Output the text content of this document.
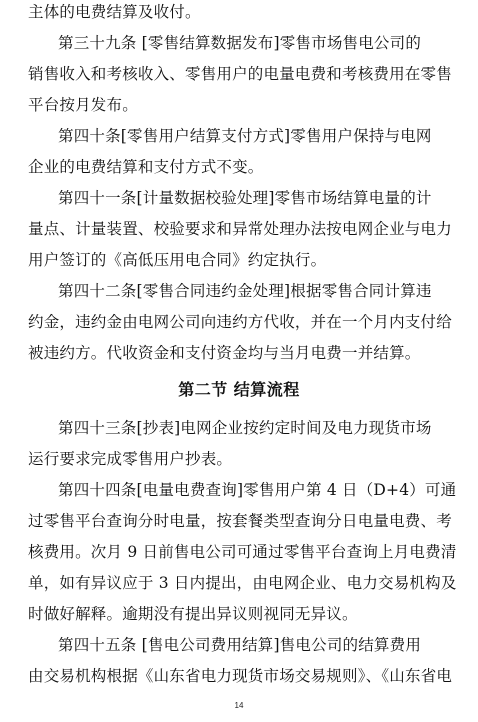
主体的电费结算及收付。
第三十九条 [零售结算数据发布]零售市场售电公司的
销售收入和考核收入、零售用户的电量电费和考核费用在零售
平台按月发布。
第四十条[零售用户结算支付方式]零售用户保持与电网
企业的电费结算和支付方式不变。
第四十一条[计量数据校验处理]零售市场结算电量的计
量点、计量装置、校验要求和异常处理办法按电网企业与电力
用户签订的《高低压用电合同》约定执行。
第四十二条[零售合同违约金处理]根据零售合同计算违
约金，违约金由电网公司向违约方代收，并在一个月内支付给
被违约方。代收资金和支付资金均与当月电费一并结算。
第二节 结算流程
第四十三条[抄表]电网企业按约定时间及电力现货市场
运行要求完成零售用户抄表。
第四十四条[电量电费查询]零售用户第 4 日（D+4）可通
过零售平台查询分时电量，按套餐类型查询分日电量电费、考
核费用。次月 9 日前售电公司可通过零售平台查询上月电费清
单，如有异议应于 3 日内提出，由电网企业、电力交易机构及
时做好解释。逾期没有提出异议则视同无异议。
第四十五条 [售电公司费用结算]售电公司的结算费用
由交易机构根据《山东省电力现货市场交易规则》、《山东省电
14
